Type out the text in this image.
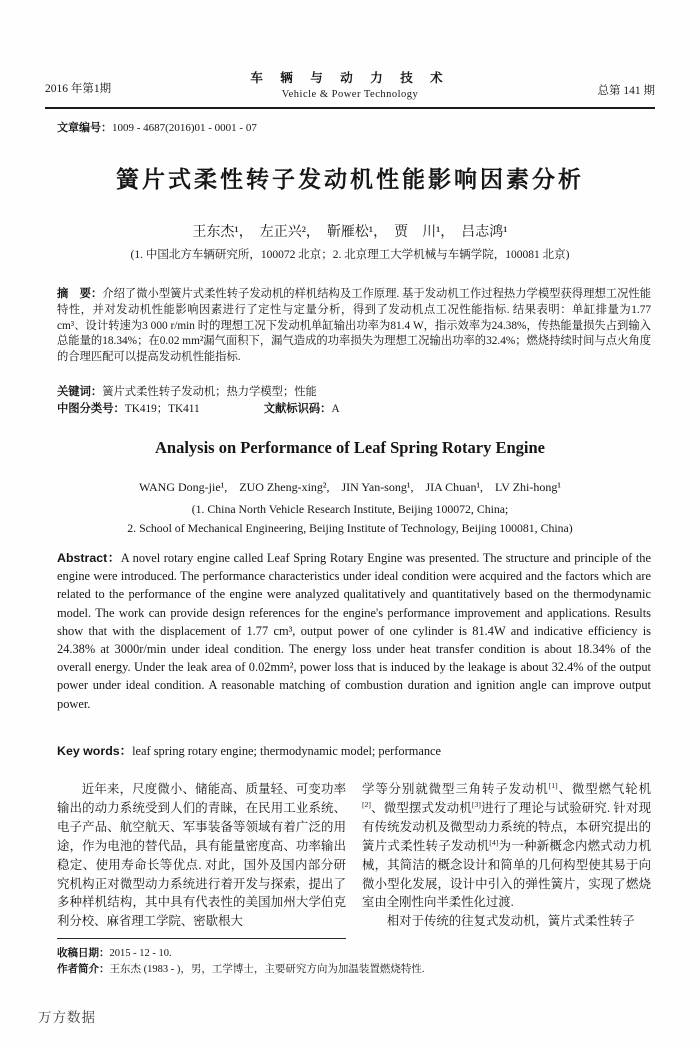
2016 年第1期
车 辆 与 动 力 技 术
Vehicle & Power Technology	总第 141 期
文章编号：1009 - 4687(2016)01 - 0001 - 07
簧片式柔性转子发动机性能影响因素分析
王东杰¹，　左正兴²，　靳雁松¹，　贾　川¹，　吕志鸿¹
(1. 中国北方车辆研究所，100072 北京；2. 北京理工大学机械与车辆学院，100081 北京)
摘　要：介绍了微小型簧片式柔性转子发动机的样机结构及工作原理. 基于发动机工作过程热力学模型获得理想工况性能特性，并对发动机性能影响因素进行了定性与定量分析，得到了发动机点工况性能指标. 结果表明：单缸排量为1.77 cm³、设计转速为3 000 r/min 时的理想工况下发动机单缸输出功率为81.4 W，指示效率为24.38%，传热能量损失占到输入总能量的18.34%；在0.02 mm²漏气面积下，漏气造成的功率损失为理想工况输出功率的32.4%；燃烧持续时间与点火角度的合理匹配可以提高发动机性能指标.
关键词：簧片式柔性转子发动机；热力学模型；性能
中图分类号：TK419；TK411	文献标识码：A
Analysis on Performance of Leaf Spring Rotary Engine
WANG Dong-jie¹, ZUO Zheng-xing², JIN Yan-song¹, JIA Chuan¹, LV Zhi-hong¹
(1. China North Vehicle Research Institute, Beijing 100072, China;
2. School of Mechanical Engineering, Beijing Institute of Technology, Beijing 100081, China)
Abstract：A novel rotary engine called Leaf Spring Rotary Engine was presented. The structure and principle of the engine were introduced. The performance characteristics under ideal condition were acquired and the factors which are related to the performance of the engine were analyzed qualitatively and quantitatively based on the thermodynamic model. The work can provide design references for the engine's performance improvement and applications. Results show that with the displacement of 1.77 cm³, output power of one cylinder is 81.4W and indicative efficiency is 24.38% at 3000r/min under ideal condition. The energy loss under heat transfer condition is about 18.34% of the overall energy. Under the leak area of 0.02mm², power loss that is induced by the leakage is about 32.4% of the output power under ideal condition. A reasonable matching of combustion duration and ignition angle can improve output power.
Key words：leaf spring rotary engine; thermodynamic model; performance

近年来，尺度微小、储能高、质量轻、可变功率输出的动力系统受到人们的青睐，在民用工业系统、电子产品、航空航天、军事装备等领域有着广泛的用途，作为电池的替代品，具有能量密度高、功率输出稳定、使用寿命长等优点. 对此，国外及国内部分研究机构正对微型动力系统进行着开发与探索，提出了多种样机结构，其中具有代表性的美国加州大学伯克利分校、麻省理工学院、密歇根大

学等分别就微型三角转子发动机[1]、微型燃气轮机[2]、微型摆式发动机[3]进行了理论与试验研究. 针对现有传统发动机及微型动力系统的特点，本研究提出的簧片式柔性转子发动机[4]为一种新概念内燃式动力机械，其简洁的概念设计和简单的几何构型使其易于向微小型化发展，设计中引入的弹性簧片，实现了燃烧室由全刚性向半柔性化过渡.

相对于传统的往复式发动机，簧片式柔性转子

收稿日期：2015 - 12 - 10.
作者简介：王东杰 (1983 - )，男，工学博士，主要研究方向为加温装置燃烧特性.
万方数据
